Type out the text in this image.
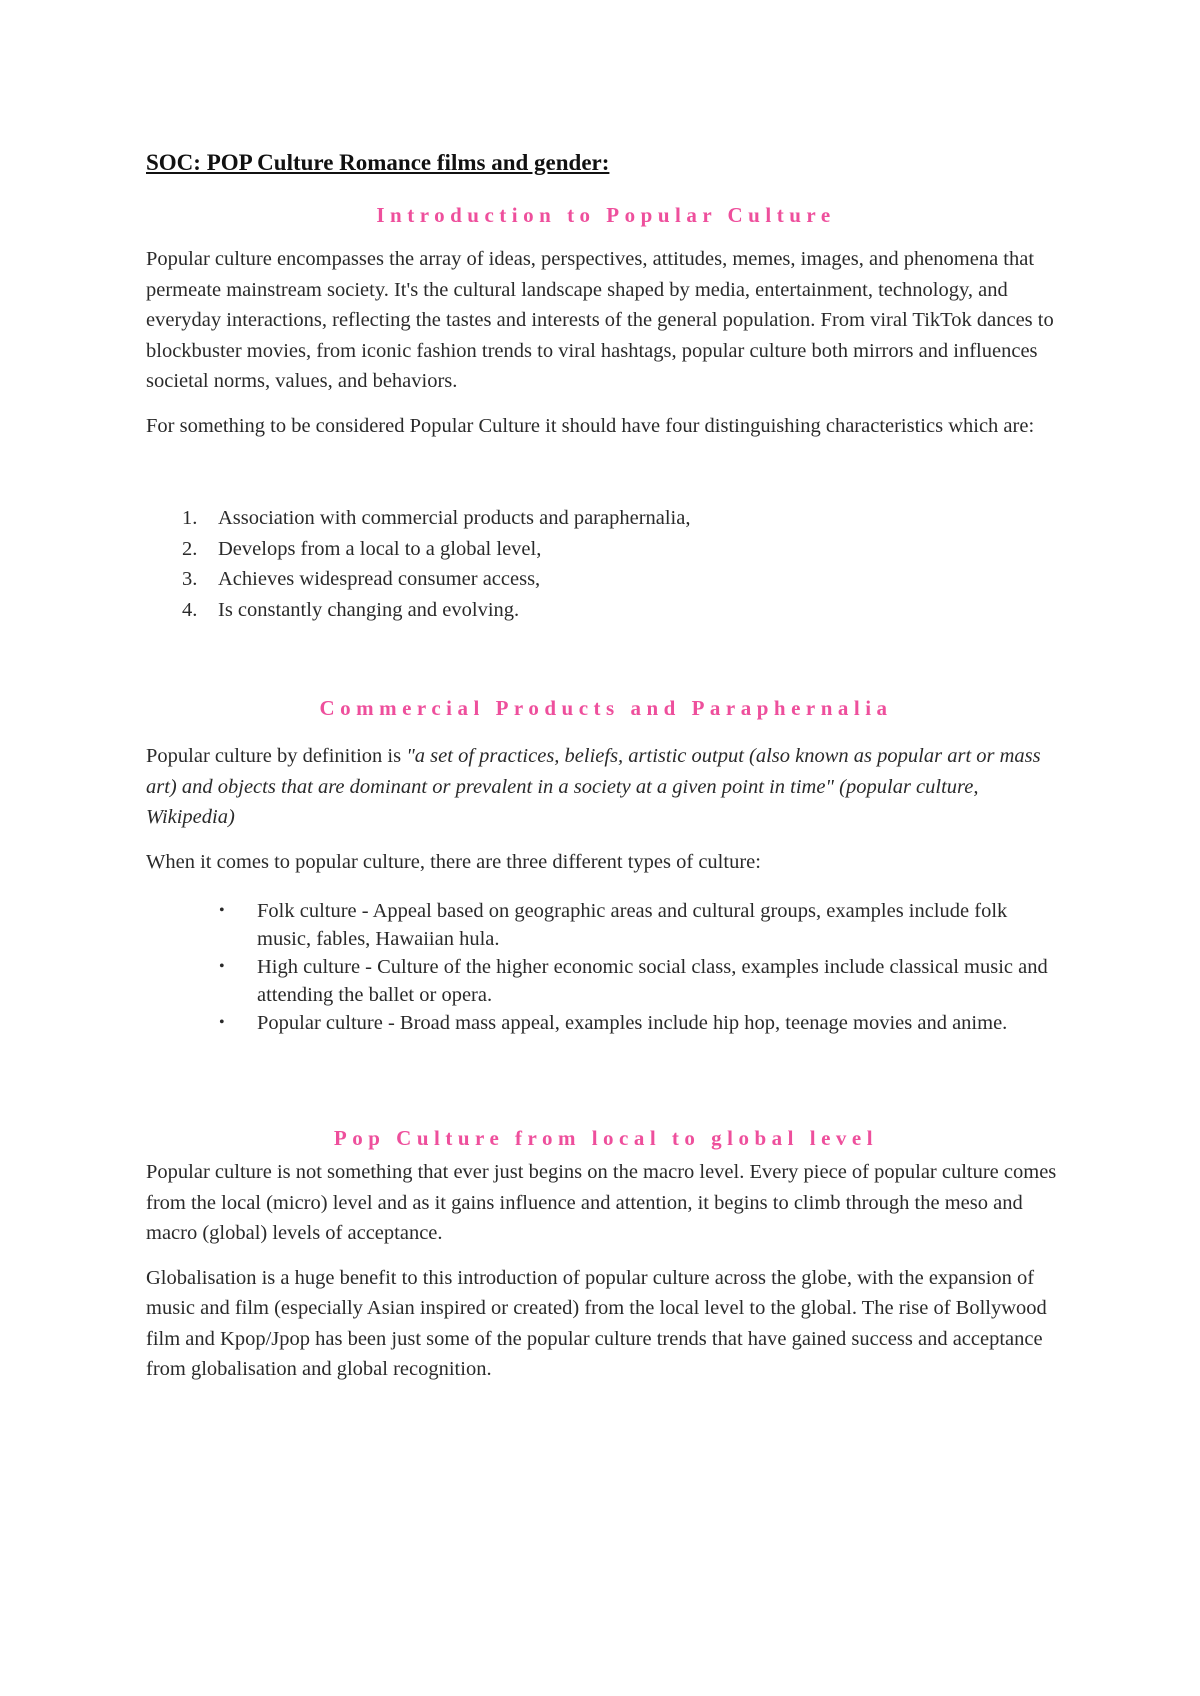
SOC: POP Culture Romance films and gender:
Introduction to Popular Culture

Popular culture encompasses the array of ideas, perspectives, attitudes, memes, images, and phenomena that permeate mainstream society. It's the cultural landscape shaped by media, entertainment, technology, and everyday interactions, reflecting the tastes and interests of the general population. From viral TikTok dances to blockbuster movies, from iconic fashion trends to viral hashtags, popular culture both mirrors and influences societal norms, values, and behaviors.

For something to be considered Popular Culture it should have four distinguishing characteristics which are:

1. Association with commercial products and paraphernalia,
2. Develops from a local to a global level,
3. Achieves widespread consumer access,
4. Is constantly changing and evolving.
Commercial Products and Paraphernalia

Popular culture by definition is "a set of practices, beliefs, artistic output (also known as popular art or mass art) and objects that are dominant or prevalent in a society at a given point in time" (popular culture, Wikipedia)

When it comes to popular culture, there are three different types of culture:

• Folk culture - Appeal based on geographic areas and cultural groups, examples include folk music, fables, Hawaiian hula.
• High culture - Culture of the higher economic social class, examples include classical music and attending the ballet or opera.
• Popular culture - Broad mass appeal, examples include hip hop, teenage movies and anime.
Pop Culture from local to global level

Popular culture is not something that ever just begins on the macro level. Every piece of popular culture comes from the local (micro) level and as it gains influence and attention, it begins to climb through the meso and macro (global) levels of acceptance.

Globalisation is a huge benefit to this introduction of popular culture across the globe, with the expansion of music and film (especially Asian inspired or created) from the local level to the global. The rise of Bollywood film and Kpop/Jpop has been just some of the popular culture trends that have gained success and acceptance from globalisation and global recognition.
